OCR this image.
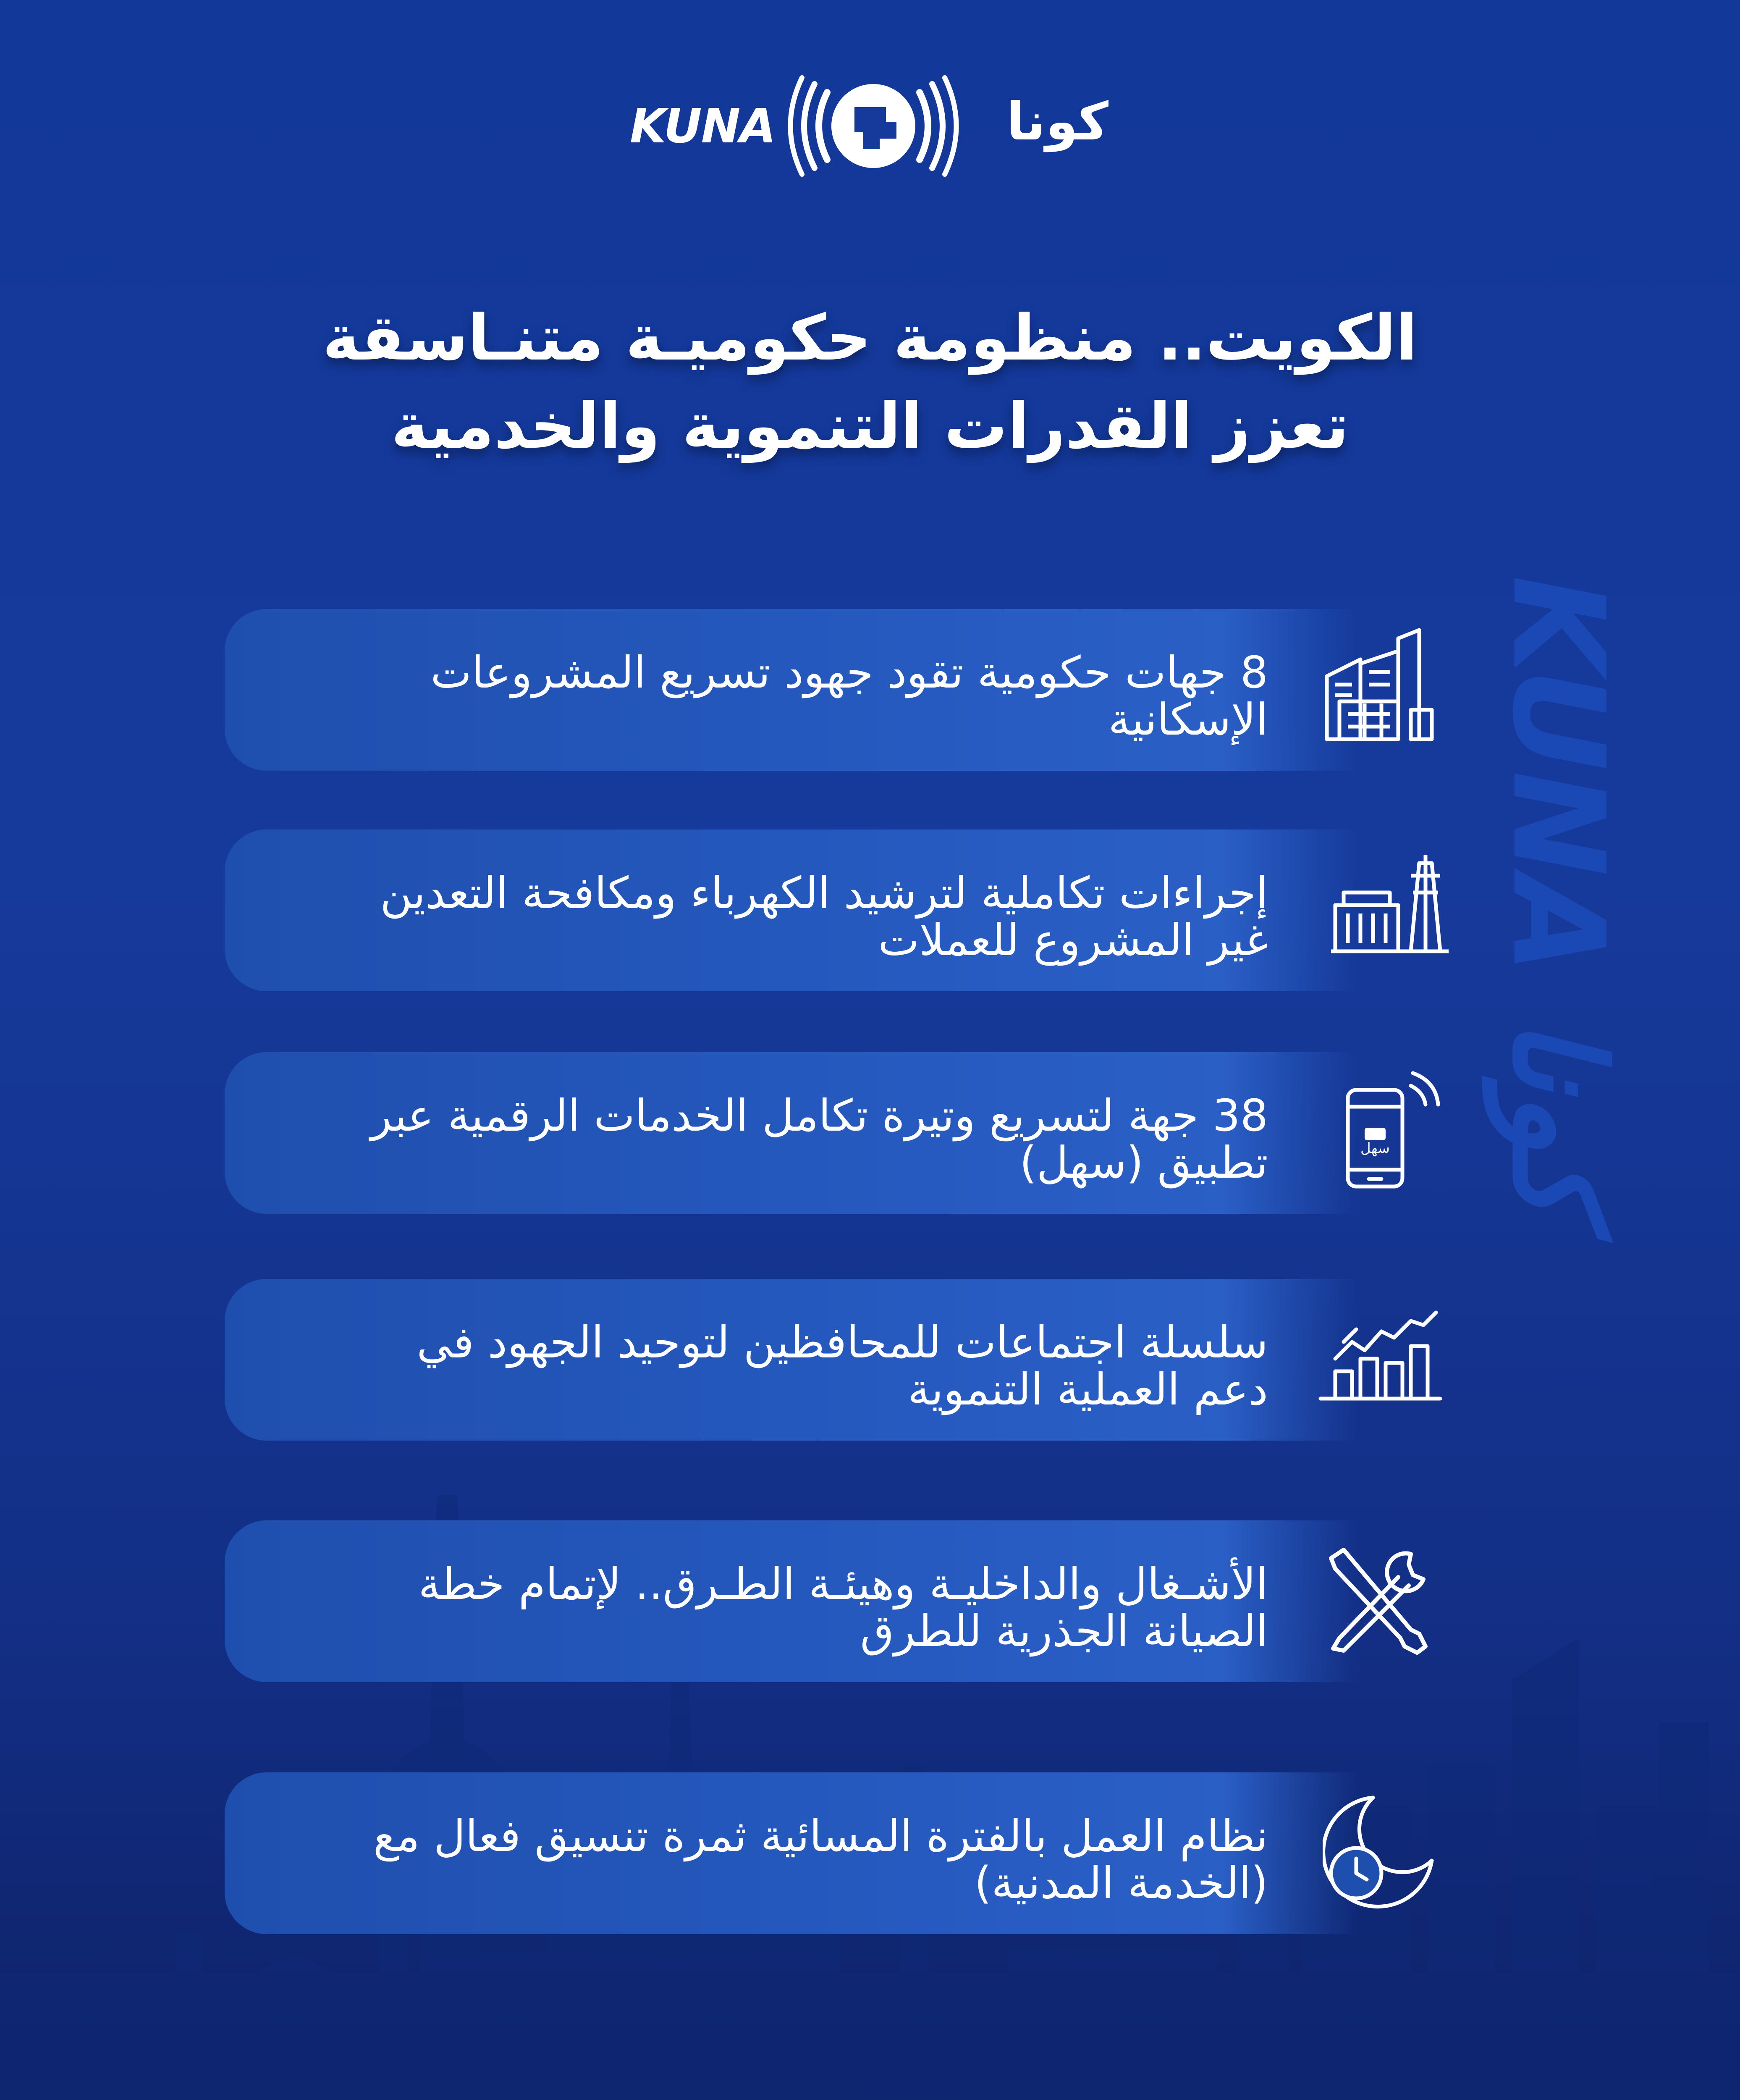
KUNA كونا
KUNA	كونا
الكويت.. منظومة حكوميـة متنـاسقة
تعزز القدرات التنموية والخدمية
8 جهات حكومية تقود جهود تسريع المشروعات
الإسكانية
إجراءات تكاملية لترشيد الكهرباء ومكافحة التعدين
غير المشروع للعملات
38 جهة لتسريع وتيرة تكامل الخدمات الرقمية عبر
تطبيق (سهل)	سهل
سلسلة اجتماعات للمحافظين لتوحيد الجهود في
دعم العملية التنموية
الأشـغال والداخليـة وهيئـة الطـرق.. لإتمام خطة
الصيانة الجذرية للطرق
نظام العمل بالفترة المسائية ثمرة تنسيق فعال مع
(الخدمة المدنية)
